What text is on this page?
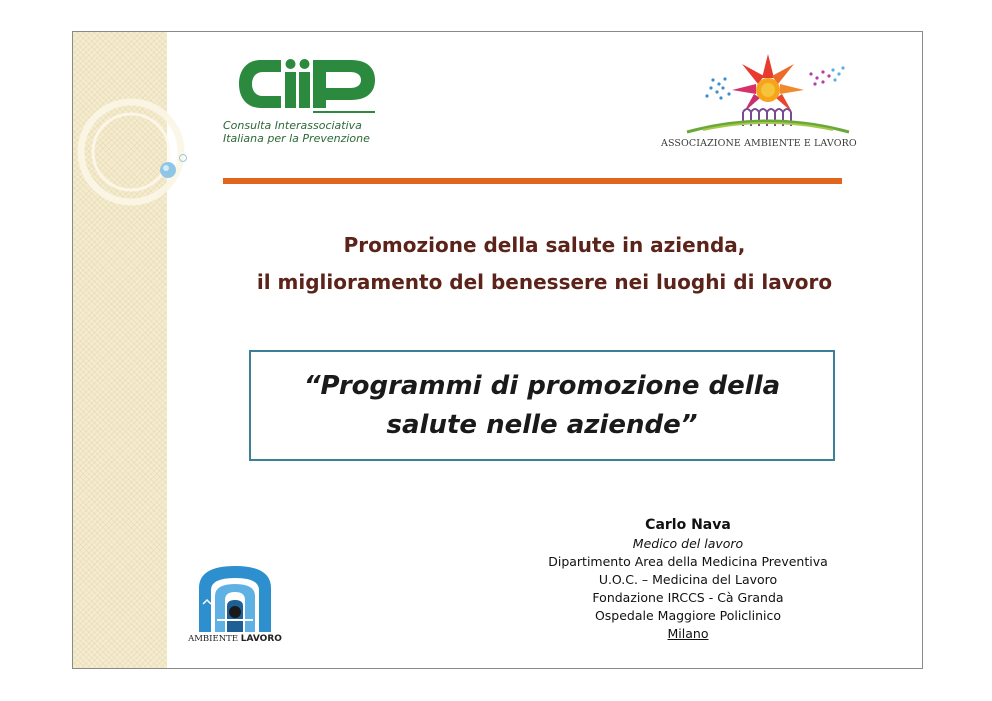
Consulta Interassociativa
Italiana per la Prevenzione	ASSOCIAZIONE AMBIENTE E LAVORO
Promozione della salute in azienda,
il miglioramento del benessere nei luoghi di lavoro
“Programmi di promozione della
salute nelle aziende”
AMBIENTE LAVORO
Carlo Nava
Medico del lavoro
Dipartimento Area della Medicina Preventiva
U.O.C. – Medicina del Lavoro
Fondazione IRCCS - Cà Granda
Ospedale Maggiore Policlinico
Milano
